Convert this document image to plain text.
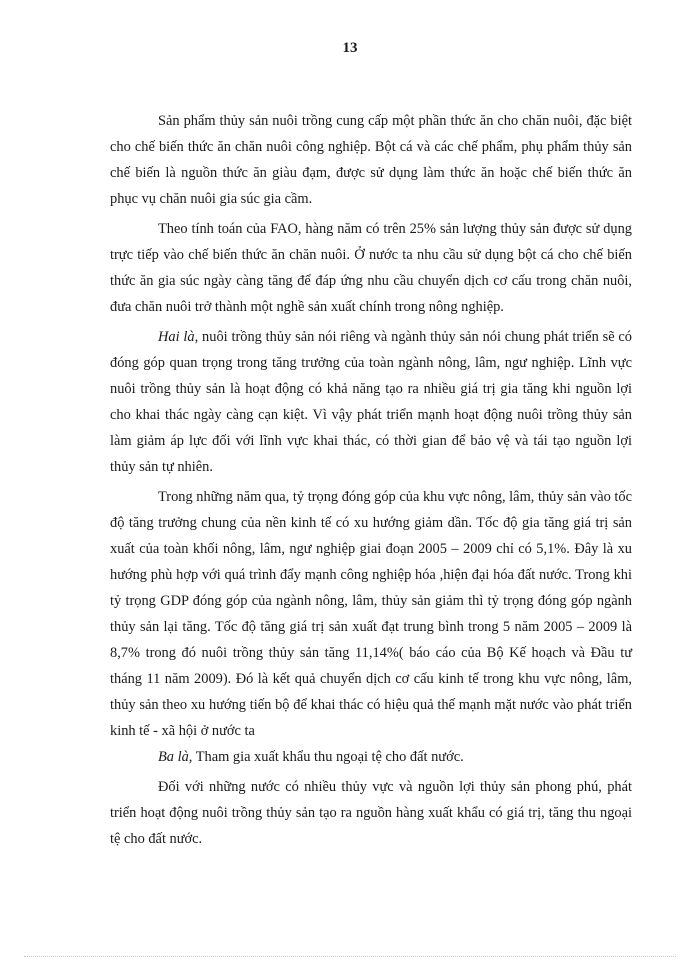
13

Sản phẩm thủy sản nuôi trồng cung cấp một phần thức ăn cho chăn nuôi, đặc biệt cho chế biến thức ăn chăn nuôi công nghiệp. Bột cá và các chế phẩm, phụ phẩm thủy sản chế biến là nguồn thức ăn giàu đạm, được sử dụng làm thức ăn hoặc chế biến thức ăn phục vụ chăn nuôi gia súc gia cầm.

Theo tính toán của FAO, hàng năm có trên 25% sản lượng thủy sản được sử dụng trực tiếp vào chế biến thức ăn chăn nuôi. Ở nước ta nhu cầu sử dụng bột cá cho chế biến thức ăn gia súc ngày càng tăng để đáp ứng nhu cầu chuyển dịch cơ cấu trong chăn nuôi, đưa chăn nuôi trở thành một nghề sản xuất chính trong nông nghiệp.

Hai là, nuôi trồng thủy sản nói riêng và ngành thủy sản nói chung phát triển sẽ có đóng góp quan trọng trong tăng trưởng của toàn ngành nông, lâm, ngư nghiệp. Lĩnh vực nuôi trồng thủy sản là hoạt động có khả năng tạo ra nhiều giá trị gia tăng khi nguồn lợi cho khai thác ngày càng cạn kiệt. Vì vậy phát triển mạnh hoạt động nuôi trồng thủy sản làm giảm áp lực đối với lĩnh vực khai thác, có thời gian để bảo vệ và tái tạo nguồn lợi thủy sản tự nhiên.

Trong những năm qua, tỷ trọng đóng góp của khu vực nông, lâm, thủy sản vào tốc độ tăng trưởng chung của nền kinh tế có xu hướng giảm dần. Tốc độ gia tăng giá trị sản xuất của toàn khối nông, lâm, ngư nghiệp giai đoạn 2005 – 2009 chỉ có 5,1%. Đây là xu hướng phù hợp với quá trình đẩy mạnh công nghiệp hóa ,hiện đại hóa đất nước. Trong khi tỷ trọng GDP đóng góp của ngành nông, lâm, thủy sản giảm thì tỷ trọng đóng góp ngành thủy sản lại tăng. Tốc độ tăng giá trị sản xuất đạt trung bình trong 5 năm 2005 – 2009 là 8,7% trong đó nuôi trồng thủy sản tăng 11,14%( báo cáo của Bộ Kế hoạch và Đầu tư tháng 11 năm 2009). Đó là kết quả chuyển dịch cơ cấu kinh tế trong khu vực nông, lâm, thủy sản theo xu hướng tiến bộ để khai thác có hiệu quả thế mạnh mặt nước vào phát triển kinh tế - xã hội ở nước ta

Ba là, Tham gia xuất khẩu thu ngoại tệ cho đất nước.

Đối với những nước có nhiều thủy vực và nguồn lợi thủy sản phong phú, phát triển hoạt động nuôi trồng thủy sản tạo ra nguồn hàng xuất khẩu có giá trị, tăng thu ngoại tệ cho đất nước.
